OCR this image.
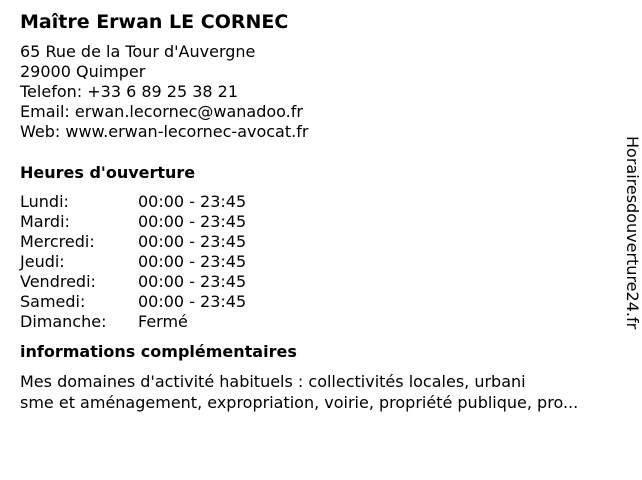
Maître Erwan LE CORNEC
65 Rue de la Tour d'Auvergne
29000 Quimper
Telefon: +33 6 89 25 38 21
Email: erwan.lecornec@wanadoo.fr
Web: www.erwan-lecornec-avocat.fr
Heures d'ouverture
Lundi:	00:00 - 23:45
Mardi:	00:00 - 23:45
Mercredi:	00:00 - 23:45
Jeudi:	00:00 - 23:45
Vendredi:	00:00 - 23:45
Samedi:	00:00 - 23:45
Dimanche:	Fermé
informations complémentaires
Mes domaines d'activité habituels : collectivités locales, urbani
sme et aménagement, expropriation, voirie, propriété publique, pro...
Horairesdouverture24.fr
